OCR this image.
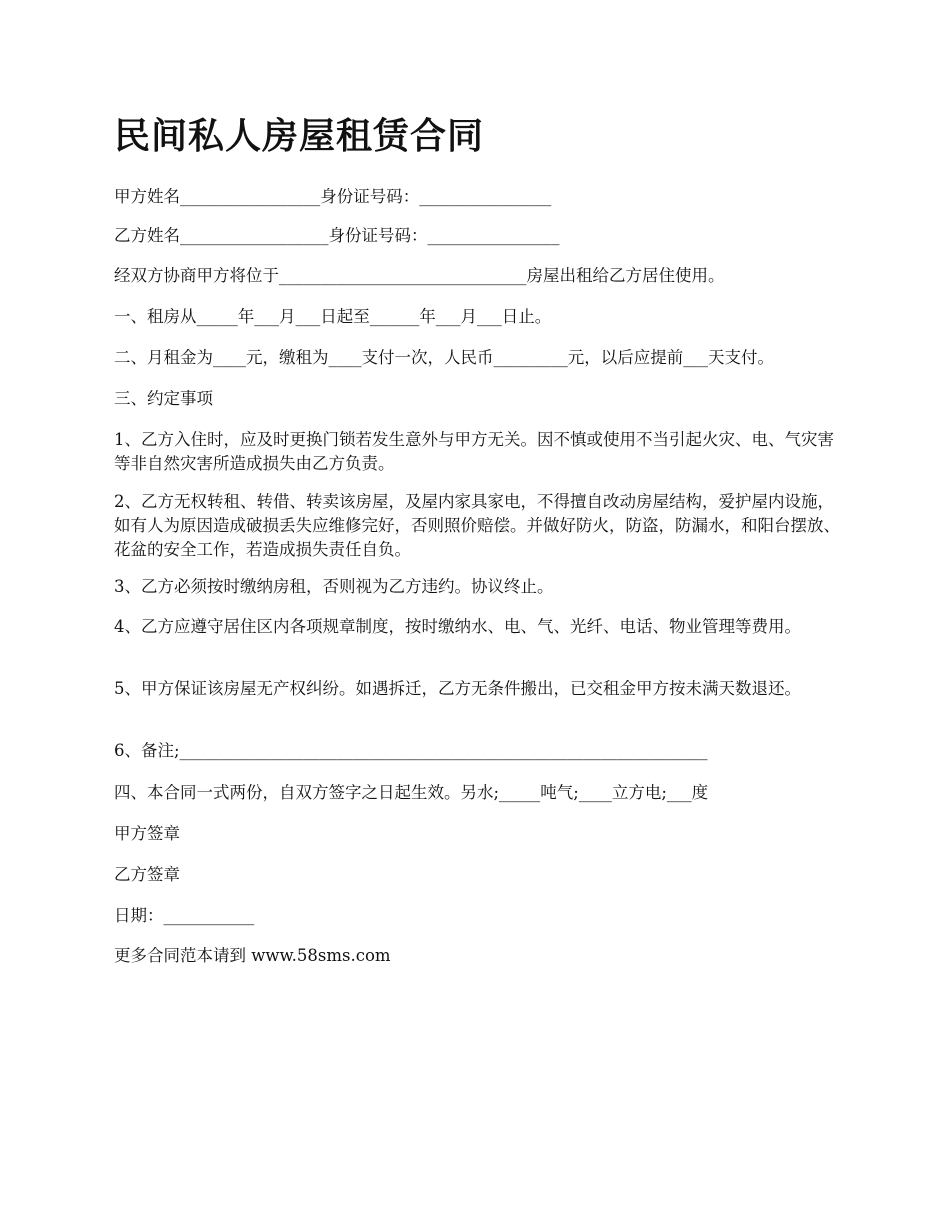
民间私人房屋租赁合同
甲方姓名_________________身份证号码：________________
乙方姓名__________________身份证号码：________________
经双方协商甲方将位于______________________________房屋出租给乙方居住使用。
一、租房从_____年___月___日起至______年___月___日止。
二、月租金为____元，缴租为____支付一次，人民币_________元，以后应提前___天支付。
三、约定事项
1、乙方入住时，应及时更换门锁若发生意外与甲方无关。因不慎或使用不当引起火灾、电、气灾害等非自然灾害所造成损失由乙方负责。
2、乙方无权转租、转借、转卖该房屋，及屋内家具家电，不得擅自改动房屋结构，爱护屋内设施，如有人为原因造成破损丢失应维修完好，否则照价赔偿。并做好防火，防盗，防漏水，和阳台摆放、花盆的安全工作，若造成损失责任自负。
3、乙方必须按时缴纳房租，否则视为乙方违约。协议终止。
4、乙方应遵守居住区内各项规章制度，按时缴纳水、电、气、光纤、电话、物业管理等费用。
5、甲方保证该房屋无产权纠纷。如遇拆迁，乙方无条件搬出，已交租金甲方按未满天数退还。
6、备注;________________________________________________________________
四、本合同一式两份，自双方签字之日起生效。另水;_____吨气;____立方电;___度
甲方签章
乙方签章
日期：___________
更多合同范本请到 www.58sms.com
